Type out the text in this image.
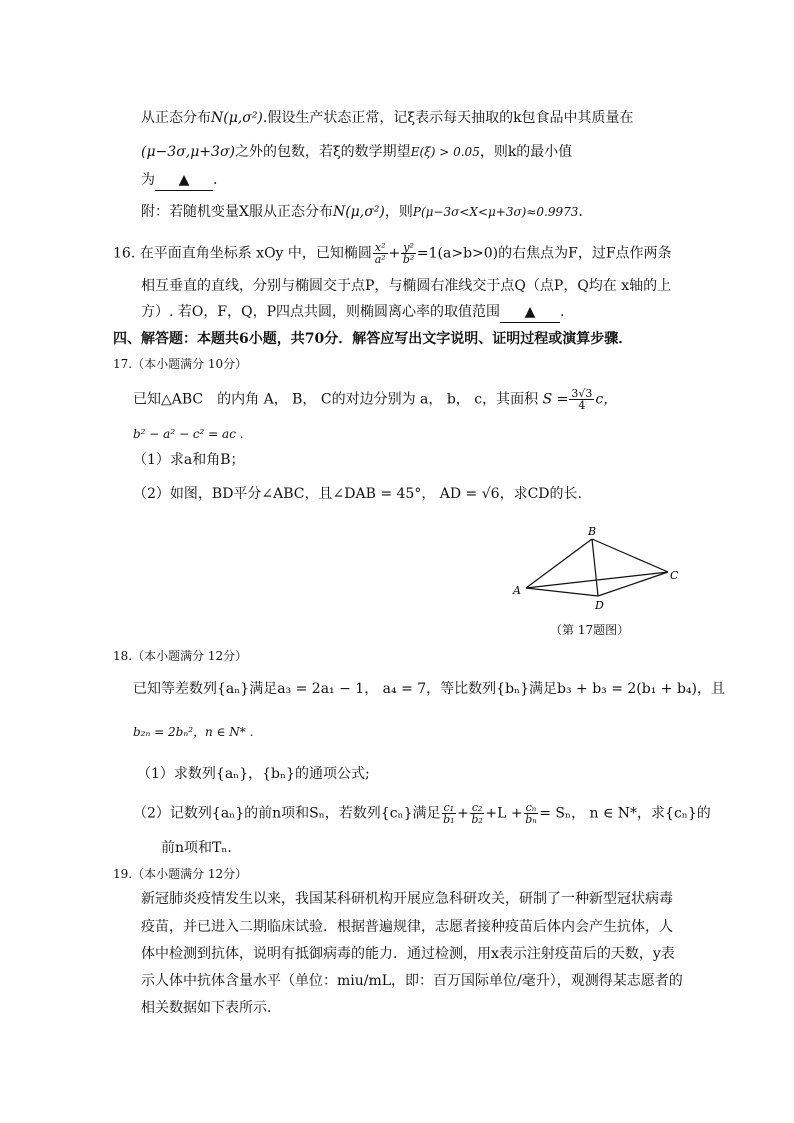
从正态分布N(μ,σ²).假设生产状态正常，记ξ表示每天抽取的k包食品中其质量在
(μ−3σ,μ+3σ)之外的包数，若ξ的数学期望E(ξ) > 0.05，则k的最小值
为 ▲ .
附：若随机变量X服从正态分布N(μ,σ²)，则P(μ−3σ<X<μ+3σ)≈0.9973.
16. 在平面直角坐标系 xOy 中，已知椭圆 $\frac{\text{x²}}{\text{a²}} + \frac{\text{y²}}{\text{b²}} =1(a>b>0)$的右焦点为F，过F点作两条
相互垂直的直线，分别与椭圆交于点P，与椭圆右准线交于点Q（点P，Q均在 x轴的上
方）. 若O，F，Q，P四点共圆，则椭圆离心率的取值范围 ▲ .
四、解答题：本题共6小题，共70分．解答应写出文字说明、证明过程或演算步骤．
17.（本小题满分 10分）
已知△ABC　的内角 A， B， C的对边分别为 a， b， c，其面积 $S = \frac{3√3}{4}$ c，
b² − a² − c² = ac .
（1）求a和角B；
（2）如图，BD平分∠ABC，且∠DAB = 45°， AD = √6，求CD的长.
A
B
C
D
（第 17题图）
18.（本小题满分 12分）
已知等差数列{aₙ}满足a₃ = 2a₁ − 1， a₄ = 7，等比数列{bₙ}满足b₃ + b₃ = 2(b₁ + b₄)，且
b₂ₙ = 2bₙ²，n ∈ N* .
（1）求数列{aₙ}，{bₙ}的通项公式;
（2）记数列{aₙ}的前n项和Sₙ，若数列{cₙ}满足 $\frac{\text{c₁}}{\text{b₁}} + \frac{\text{c₂}}{\text{b₂}} +L + \frac{\text{cₙ}}{\text{bₙ}} = S_n$， n ∈ N*，求{cₙ}的
前n项和Tₙ.
19.（本小题满分 12分）
新冠肺炎疫情发生以来，我国某科研机构开展应急科研攻关，研制了一种新型冠状病毒
疫苗，并已进入二期临床试验．根据普遍规律，志愿者接种疫苗后体内会产生抗体，人
体中检测到抗体，说明有抵御病毒的能力．通过检测，用x表示注射疫苗后的天数，y表
示人体中抗体含量水平（单位：miu/mL，即：百万国际单位/毫升），观测得某志愿者的
相关数据如下表所示．
